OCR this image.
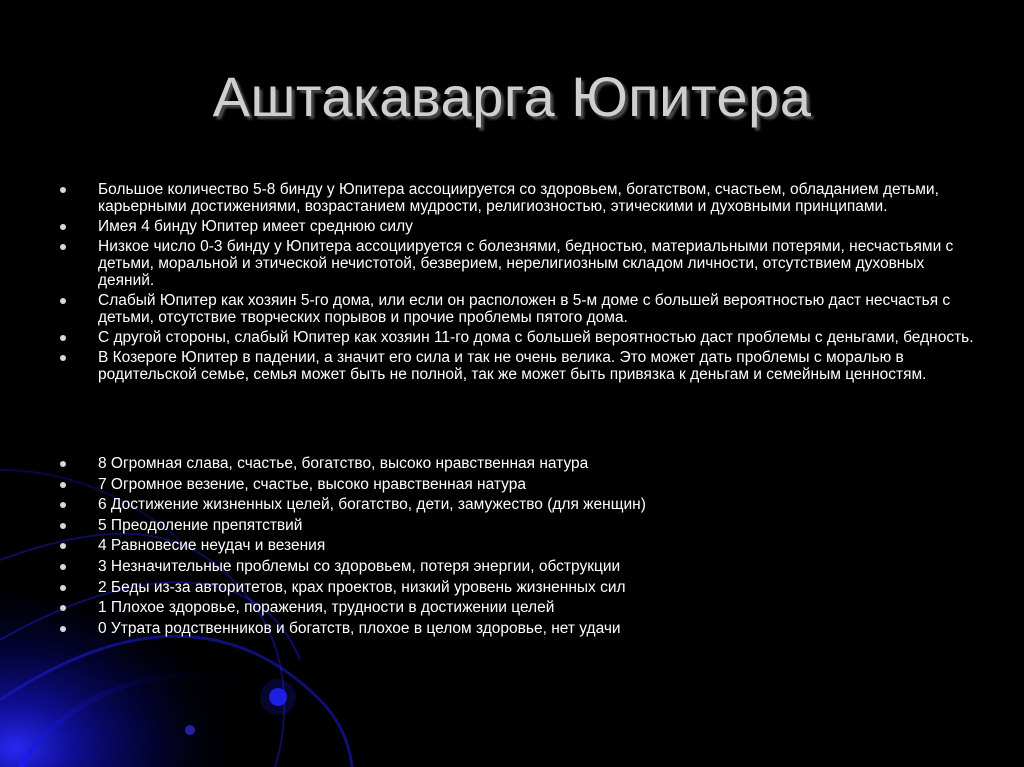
Аштакаварга Юпитера
Большое количество 5-8 бинду у Юпитера ассоциируется со здоровьем, богатством, счастьем, обладанием детьми, карьерными достижениями, возрастанием мудрости, религиозностью, этическими и духовными принципами.
Имея 4 бинду Юпитер имеет среднюю силу
Низкое число 0-3 бинду у Юпитера ассоциируется с болезнями, бедностью, материальными потерями, несчастьями с детьми, моральной и этической нечистотой, безверием, нерелигиозным складом личности, отсутствием духовных деяний.
Слабый Юпитер как хозяин 5-го дома, или если он расположен в 5-м доме с большей вероятностью даст несчастья с детьми, отсутствие творческих порывов и прочие проблемы пятого дома.
С другой стороны, слабый Юпитер как хозяин 11-го дома с большей вероятностью даст проблемы с деньгами, бедность.
В Козероге Юпитер в падении, а значит его сила и так не очень велика. Это может дать проблемы с моралью в родительской семье, семья может быть не полной, так же может быть привязка к деньгам и семейным ценностям.
8 Огромная слава, счастье, богатство, высоко нравственная натура
7 Огромное везение, счастье, высоко нравственная натура
6 Достижение жизненных целей, богатство, дети, замужество (для женщин)
5 Преодоление препятствий
4 Равновесие неудач и везения
3 Незначительные проблемы со здоровьем, потеря энергии, обструкции
2 Беды из-за авторитетов, крах проектов, низкий уровень жизненных сил
1 Плохое здоровье, поражения, трудности в достижении целей
0 Утрата родственников и богатств, плохое в целом здоровье, нет удачи
